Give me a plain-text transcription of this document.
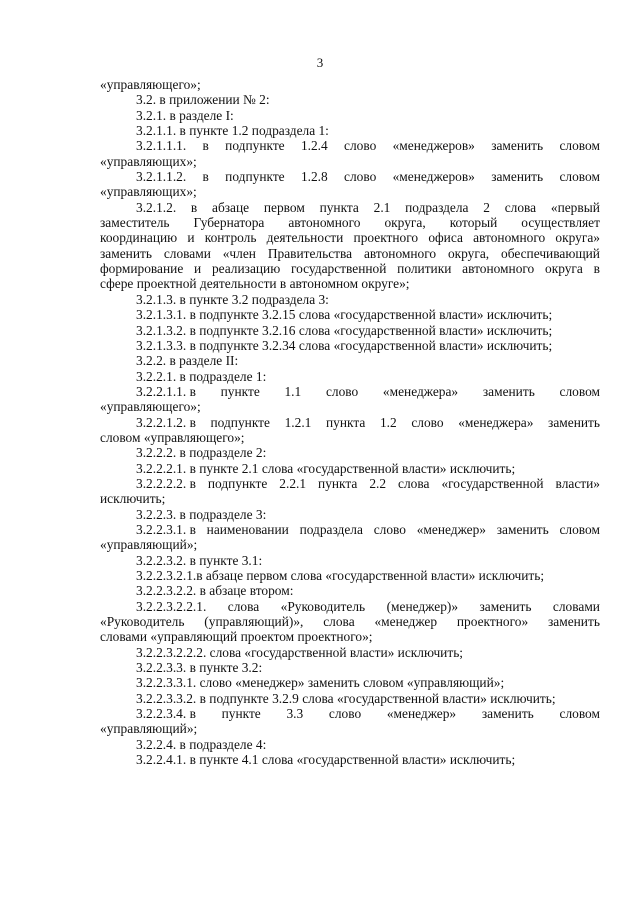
3
«управляющего»;
3.2. в приложении № 2:
3.2.1. в разделе I:
3.2.1.1. в пункте 1.2 подраздела 1:
3.2.1.1.1. в подпункте 1.2.4 слово «менеджеров» заменить словом
«управляющих»;
3.2.1.1.2. в подпункте 1.2.8 слово «менеджеров» заменить словом
«управляющих»;
3.2.1.2. в абзаце первом пункта 2.1 подраздела 2 слова «первый
заместитель Губернатора автономного округа, который осуществляет
координацию и контроль деятельности проектного офиса автономного округа»
заменить словами «член Правительства автономного округа, обеспечивающий
формирование и реализацию государственной политики автономного округа в
сфере проектной деятельности в автономном округе»;
3.2.1.3. в пункте 3.2 подраздела 3:
3.2.1.3.1. в подпункте 3.2.15 слова «государственной власти» исключить;
3.2.1.3.2. в подпункте 3.2.16 слова «государственной власти» исключить;
3.2.1.3.3. в подпункте 3.2.34 слова «государственной власти» исключить;
3.2.2. в разделе II:
3.2.2.1. в подразделе 1:
3.2.2.1.1. в пункте 1.1 слово «менеджера» заменить словом
«управляющего»;
3.2.2.1.2. в подпункте 1.2.1 пункта 1.2 слово «менеджера» заменить
словом «управляющего»;
3.2.2.2. в подразделе 2:
3.2.2.2.1. в пункте 2.1 слова «государственной власти» исключить;
3.2.2.2.2. в подпункте 2.2.1 пункта 2.2 слова «государственной власти»
исключить;
3.2.2.3. в подразделе 3:
3.2.2.3.1. в наименовании подраздела слово «менеджер» заменить словом
«управляющий»;
3.2.2.3.2. в пункте 3.1:
3.2.2.3.2.1.в абзаце первом слова «государственной власти» исключить;
3.2.2.3.2.2. в абзаце втором:
3.2.2.3.2.2.1. слова «Руководитель (менеджер)» заменить словами
«Руководитель (управляющий)», слова «менеджер проектного» заменить
словами «управляющий проектом проектного»;
3.2.2.3.2.2.2. слова «государственной власти» исключить;
3.2.2.3.3. в пункте 3.2:
3.2.2.3.3.1. слово «менеджер» заменить словом «управляющий»;
3.2.2.3.3.2. в подпункте 3.2.9 слова «государственной власти» исключить;
3.2.2.3.4. в пункте 3.3 слово «менеджер» заменить словом
«управляющий»;
3.2.2.4. в подразделе 4:
3.2.2.4.1. в пункте 4.1 слова «государственной власти» исключить;
